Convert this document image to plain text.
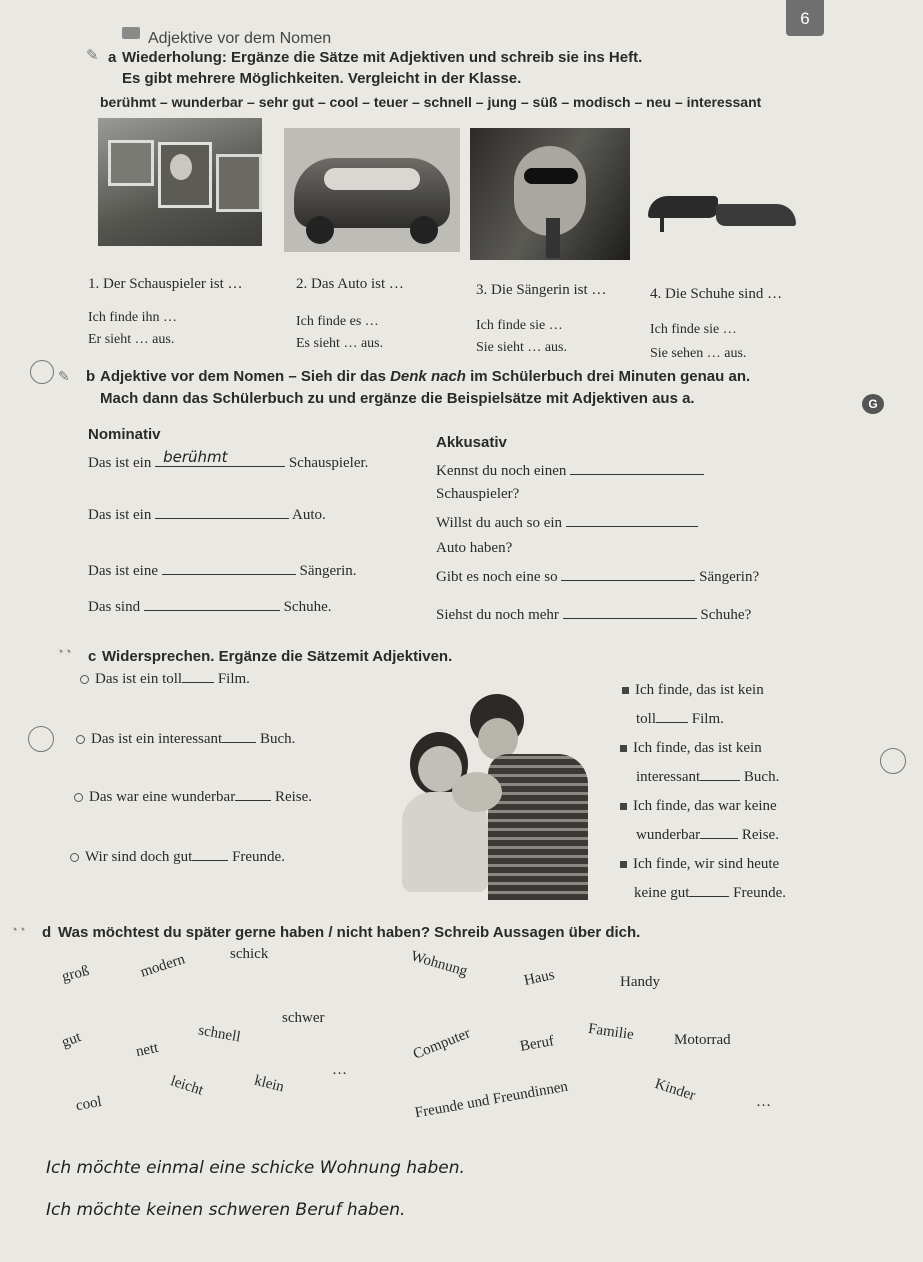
6
Adjektive vor dem Nomen
✎ a Wiederholung: Ergänze die Sätze mit Adjektiven und schreib sie ins Heft.
Es gibt mehrere Möglichkeiten. Vergleicht in der Klasse.
berühmt – wunderbar – sehr gut – cool – teuer – schnell – jung – süß – modisch – neu – interessant
1. Der Schauspieler ist …
Ich finde ihn …
Er sieht … aus.
2. Das Auto ist …
Ich finde es …
Es sieht … aus.
3. Die Sängerin ist …
Ich finde sie …
Sie sieht … aus.
4. Die Schuhe sind …
Ich finde sie …
Sie sehen … aus.
✎ b Adjektive vor dem Nomen – Sieh dir das Denk nach im Schülerbuch drei Minuten genau an.
Mach dann das Schülerbuch zu und ergänze die Beispielsätze mit Adjektiven aus a.	G
Nominativ	Akkusativ
Das ist ein berühmt	Schauspieler.
Das ist ein	Auto.
Das ist eine	Sängerin.
Das sind	Schuhe.
Kennst du noch einen
Schauspieler?
Willst du auch so ein
Auto haben?
Gibt es noch eine so	Sängerin?
Siehst du noch mehr	Schuhe?
◔◔ c Widersprechen. Ergänze die Sätzemit Adjektiven.
Das ist ein toll Film.
Das ist ein interessant	Buch.
Das war eine wunderbar	Reise.
Wir sind doch gut	Freunde.
Ich finde, das ist kein
toll Film.
Ich finde, das ist kein
interessant	Buch.
Ich finde, das war keine
wunderbar	Reise.
Ich finde, wir sind heute
keine gut	Freunde.
◔◔ d Was möchtest du später gerne haben / nicht haben? Schreib Aussagen über dich.
groß	modern	schick	Wohnung	Haus	Handy
schwer
gut	schnell
nett	Computer	Beruf
Familie	Motorrad
cool
leicht	klein
…
Freunde und Freundinnen	Kinder	…
Ich möchte einmal eine schicke Wohnung haben.
Ich möchte keinen schweren Beruf haben.
